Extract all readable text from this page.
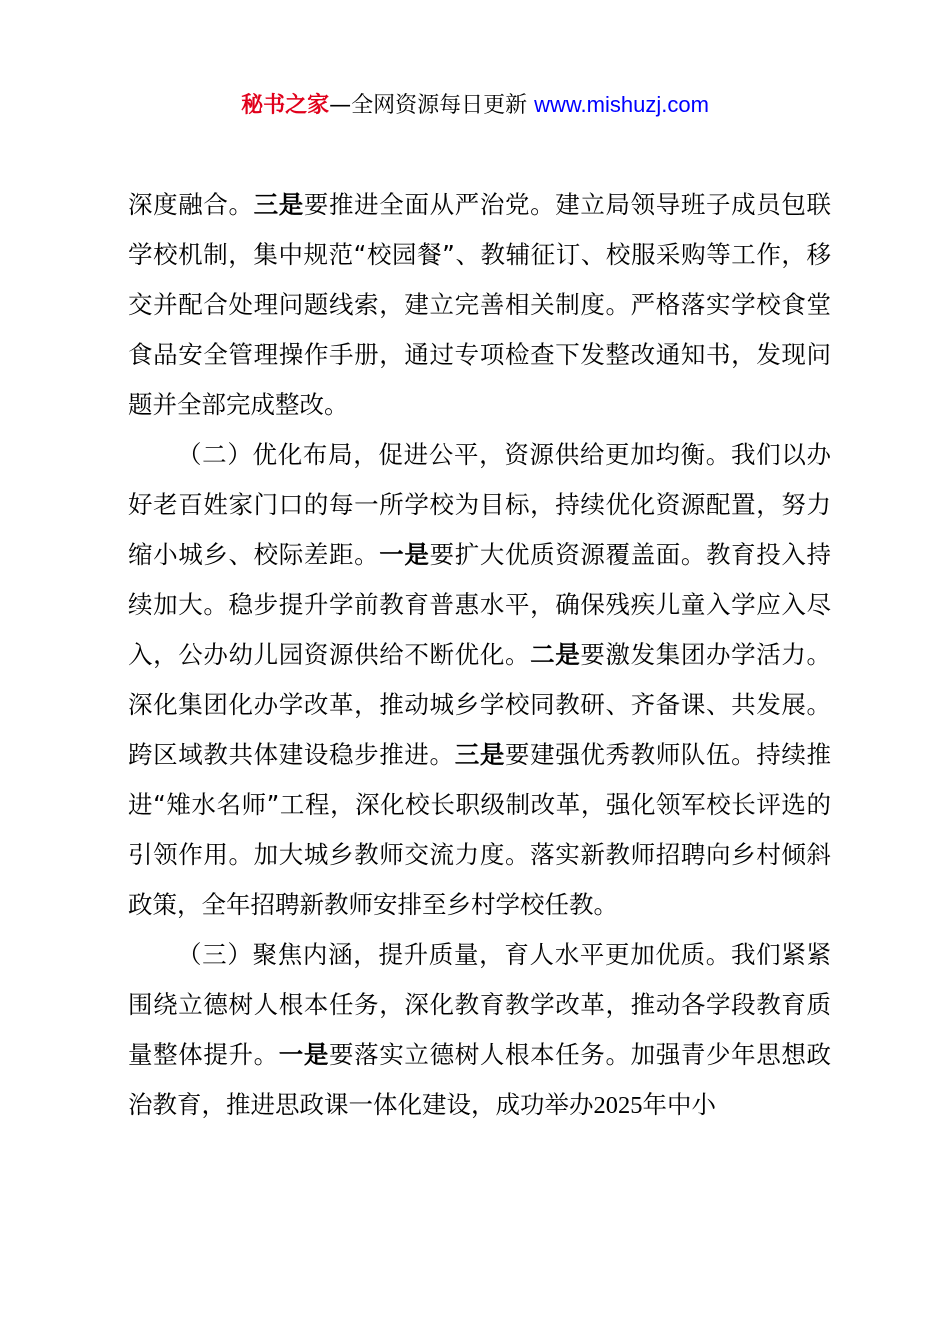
秘书之家—全网资源每日更新 www.mishuzj.com

深度融合。三是要推进全面从严治党。建立局领导班子成员包联学校机制，集中规范“校园餐”、教辅征订、校服采购等工作，移交并配合处理问题线索，建立完善相关制度。严格落实学校食堂食品安全管理操作手册，通过专项检查下发整改通知书，发现问题并全部完成整改。

（二）优化布局，促进公平，资源供给更加均衡。我们以办好老百姓家门口的每一所学校为目标，持续优化资源配置，努力缩小城乡、校际差距。一是要扩大优质资源覆盖面。教育投入持续加大。稳步提升学前教育普惠水平，确保残疾儿童入学应入尽入，公办幼儿园资源供给不断优化。二是要激发集团办学活力。深化集团化办学改革，推动城乡学校同教研、齐备课、共发展。跨区域教共体建设稳步推进。三是要建强优秀教师队伍。持续推进“雉水名师”工程，深化校长职级制改革，强化领军校长评选的引领作用。加大城乡教师交流力度。落实新教师招聘向乡村倾斜政策，全年招聘新教师安排至乡村学校任教。

（三）聚焦内涵，提升质量，育人水平更加优质。我们紧紧围绕立德树人根本任务，深化教育教学改革，推动各学段教育质量整体提升。一是要落实立德树人根本任务。加强青少年思想政治教育，推进思政课一体化建设，成功举办2025年中小
